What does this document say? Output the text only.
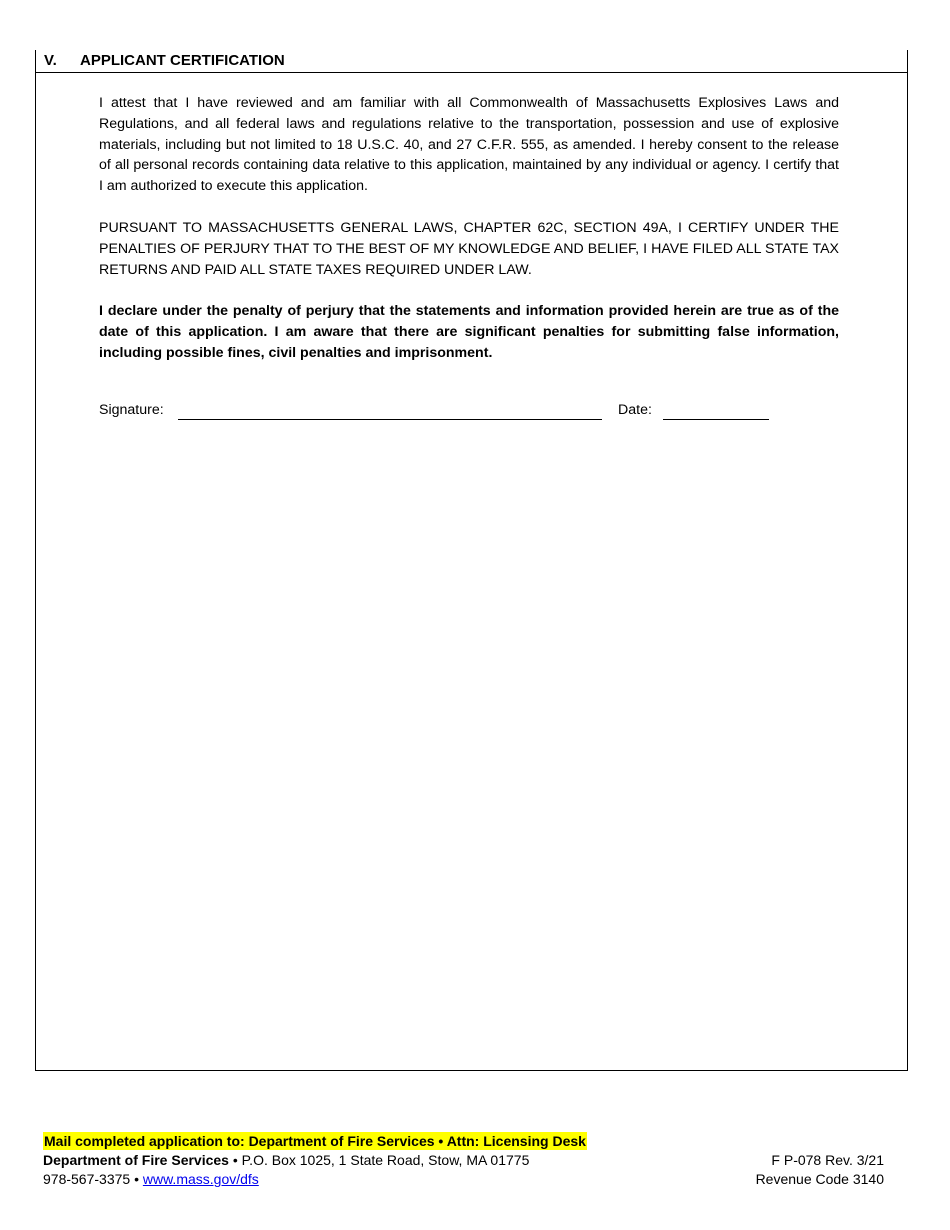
V. APPLICANT CERTIFICATION

I attest that I have reviewed and am familiar with all Commonwealth of Massachusetts Explosives Laws and Regulations, and all federal laws and regulations relative to the transportation, possession and use of explosive materials, including but not limited to 18 U.S.C. 40, and 27 C.F.R. 555, as amended. I hereby consent to the release of all personal records containing data relative to this application, maintained by any individual or agency. I certify that I am authorized to execute this application.

PURSUANT TO MASSACHUSETTS GENERAL LAWS, CHAPTER 62C, SECTION 49A, I CERTIFY UNDER THE PENALTIES OF PERJURY THAT TO THE BEST OF MY KNOWLEDGE AND BELIEF, I HAVE FILED ALL STATE TAX RETURNS AND PAID ALL STATE TAXES REQUIRED UNDER LAW.

I declare under the penalty of perjury that the statements and information provided herein are true as of the date of this application. I am aware that there are significant penalties for submitting false information, including possible fines, civil penalties and imprisonment.

Signature:	Date:
Mail completed application to: Department of Fire Services • Attn: Licensing Desk
Department of Fire Services • P.O. Box 1025, 1 State Road, Stow, MA 01775
978-567-3375 • www.mass.gov/dfs
F P-078 Rev. 3/21
Revenue Code 3140
